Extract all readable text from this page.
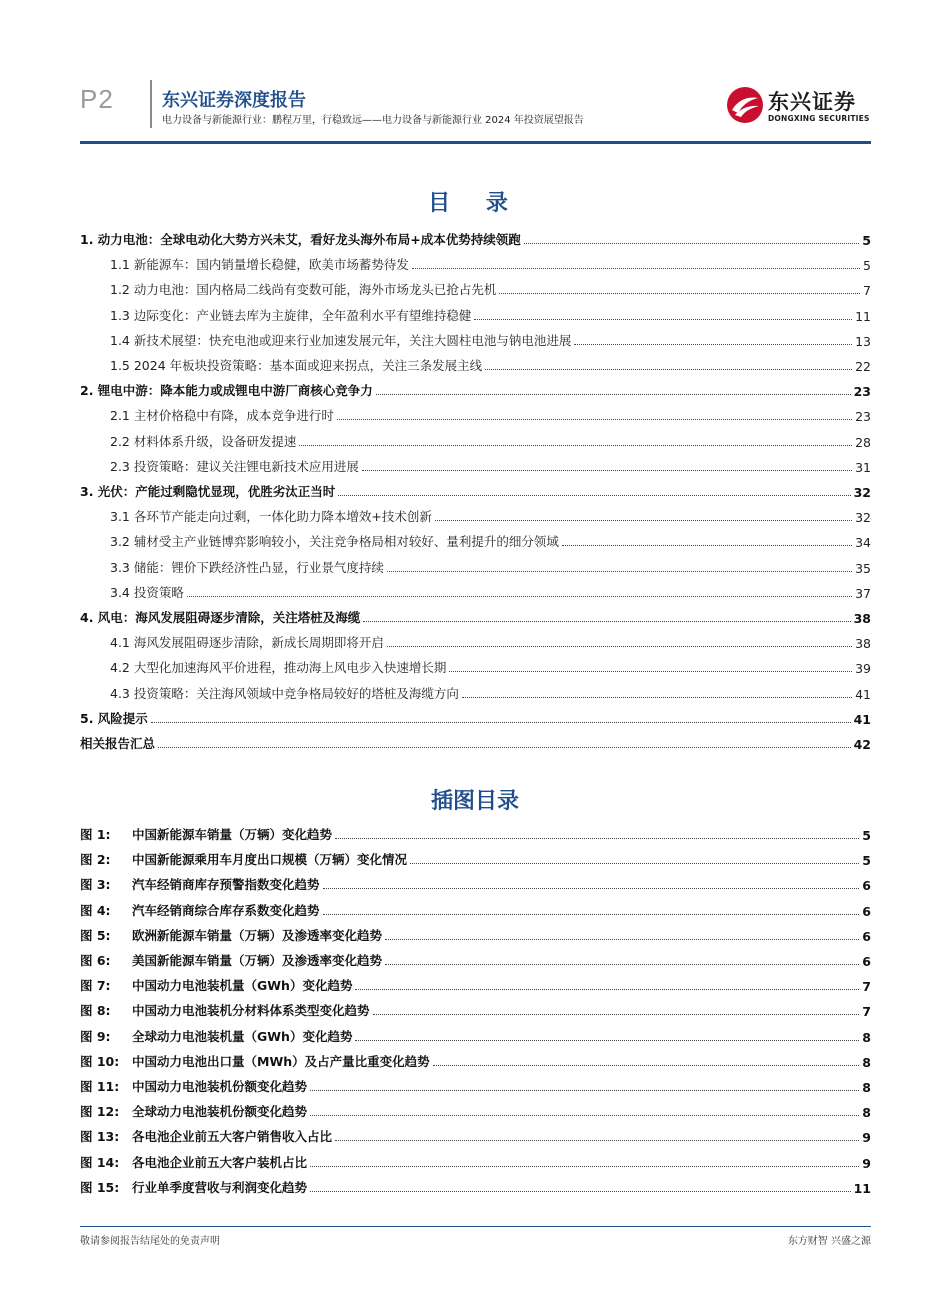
P2	东兴证券深度报告
电力设备与新能源行业：鹏程万里，行稳致远——电力设备与新能源行业 2024 年投资展望报告
东兴证券
DONGXING SECURITIES
目 录
1. 动力电池：全球电动化大势方兴未艾，看好龙头海外布局+成本优势持续领跑	5
1.1 新能源车：国内销量增长稳健，欧美市场蓄势待发	5
1.2 动力电池：国内格局二线尚有变数可能，海外市场龙头已抢占先机	7
1.3 边际变化：产业链去库为主旋律，全年盈利水平有望维持稳健	11
1.4 新技术展望：快充电池或迎来行业加速发展元年，关注大圆柱电池与钠电池进展	13
1.5 2024 年板块投资策略：基本面或迎来拐点，关注三条发展主线	22
2. 锂电中游：降本能力或成锂电中游厂商核心竞争力	23
2.1 主材价格稳中有降，成本竞争进行时	23
2.2 材料体系升级，设备研发提速	28
2.3 投资策略：建议关注锂电新技术应用进展	31
3. 光伏：产能过剩隐忧显现，优胜劣汰正当时	32
3.1 各环节产能走向过剩，一体化助力降本增效+技术创新	32
3.2 辅材受主产业链博弈影响较小，关注竞争格局相对较好、量利提升的细分领域	34
3.3 储能：锂价下跌经济性凸显，行业景气度持续	35
3.4 投资策略	37
4. 风电：海风发展阻碍逐步清除，关注塔桩及海缆	38
4.1 海风发展阻碍逐步清除，新成长周期即将开启	38
4.2 大型化加速海风平价进程，推动海上风电步入快速增长期	39
4.3 投资策略：关注海风领域中竞争格局较好的塔桩及海缆方向	41
5. 风险提示	41
相关报告汇总	42
插图目录
图 1: 中国新能源车销量（万辆）变化趋势	5
图 2: 中国新能源乘用车月度出口规模（万辆）变化情况	5
图 3: 汽车经销商库存预警指数变化趋势	6
图 4: 汽车经销商综合库存系数变化趋势	6
图 5: 欧洲新能源车销量（万辆）及渗透率变化趋势	6
图 6: 美国新能源车销量（万辆）及渗透率变化趋势	6
图 7: 中国动力电池装机量（GWh）变化趋势	7
图 8: 中国动力电池装机分材料体系类型变化趋势	7
图 9: 全球动力电池装机量（GWh）变化趋势	8
图 10: 中国动力电池出口量（MWh）及占产量比重变化趋势	8
图 11: 中国动力电池装机份额变化趋势	8
图 12: 全球动力电池装机份额变化趋势	8
图 13: 各电池企业前五大客户销售收入占比	9
图 14: 各电池企业前五大客户装机占比	9
图 15: 行业单季度营收与利润变化趋势	11
敬请参阅报告结尾处的免责声明	东方财智 兴盛之源
